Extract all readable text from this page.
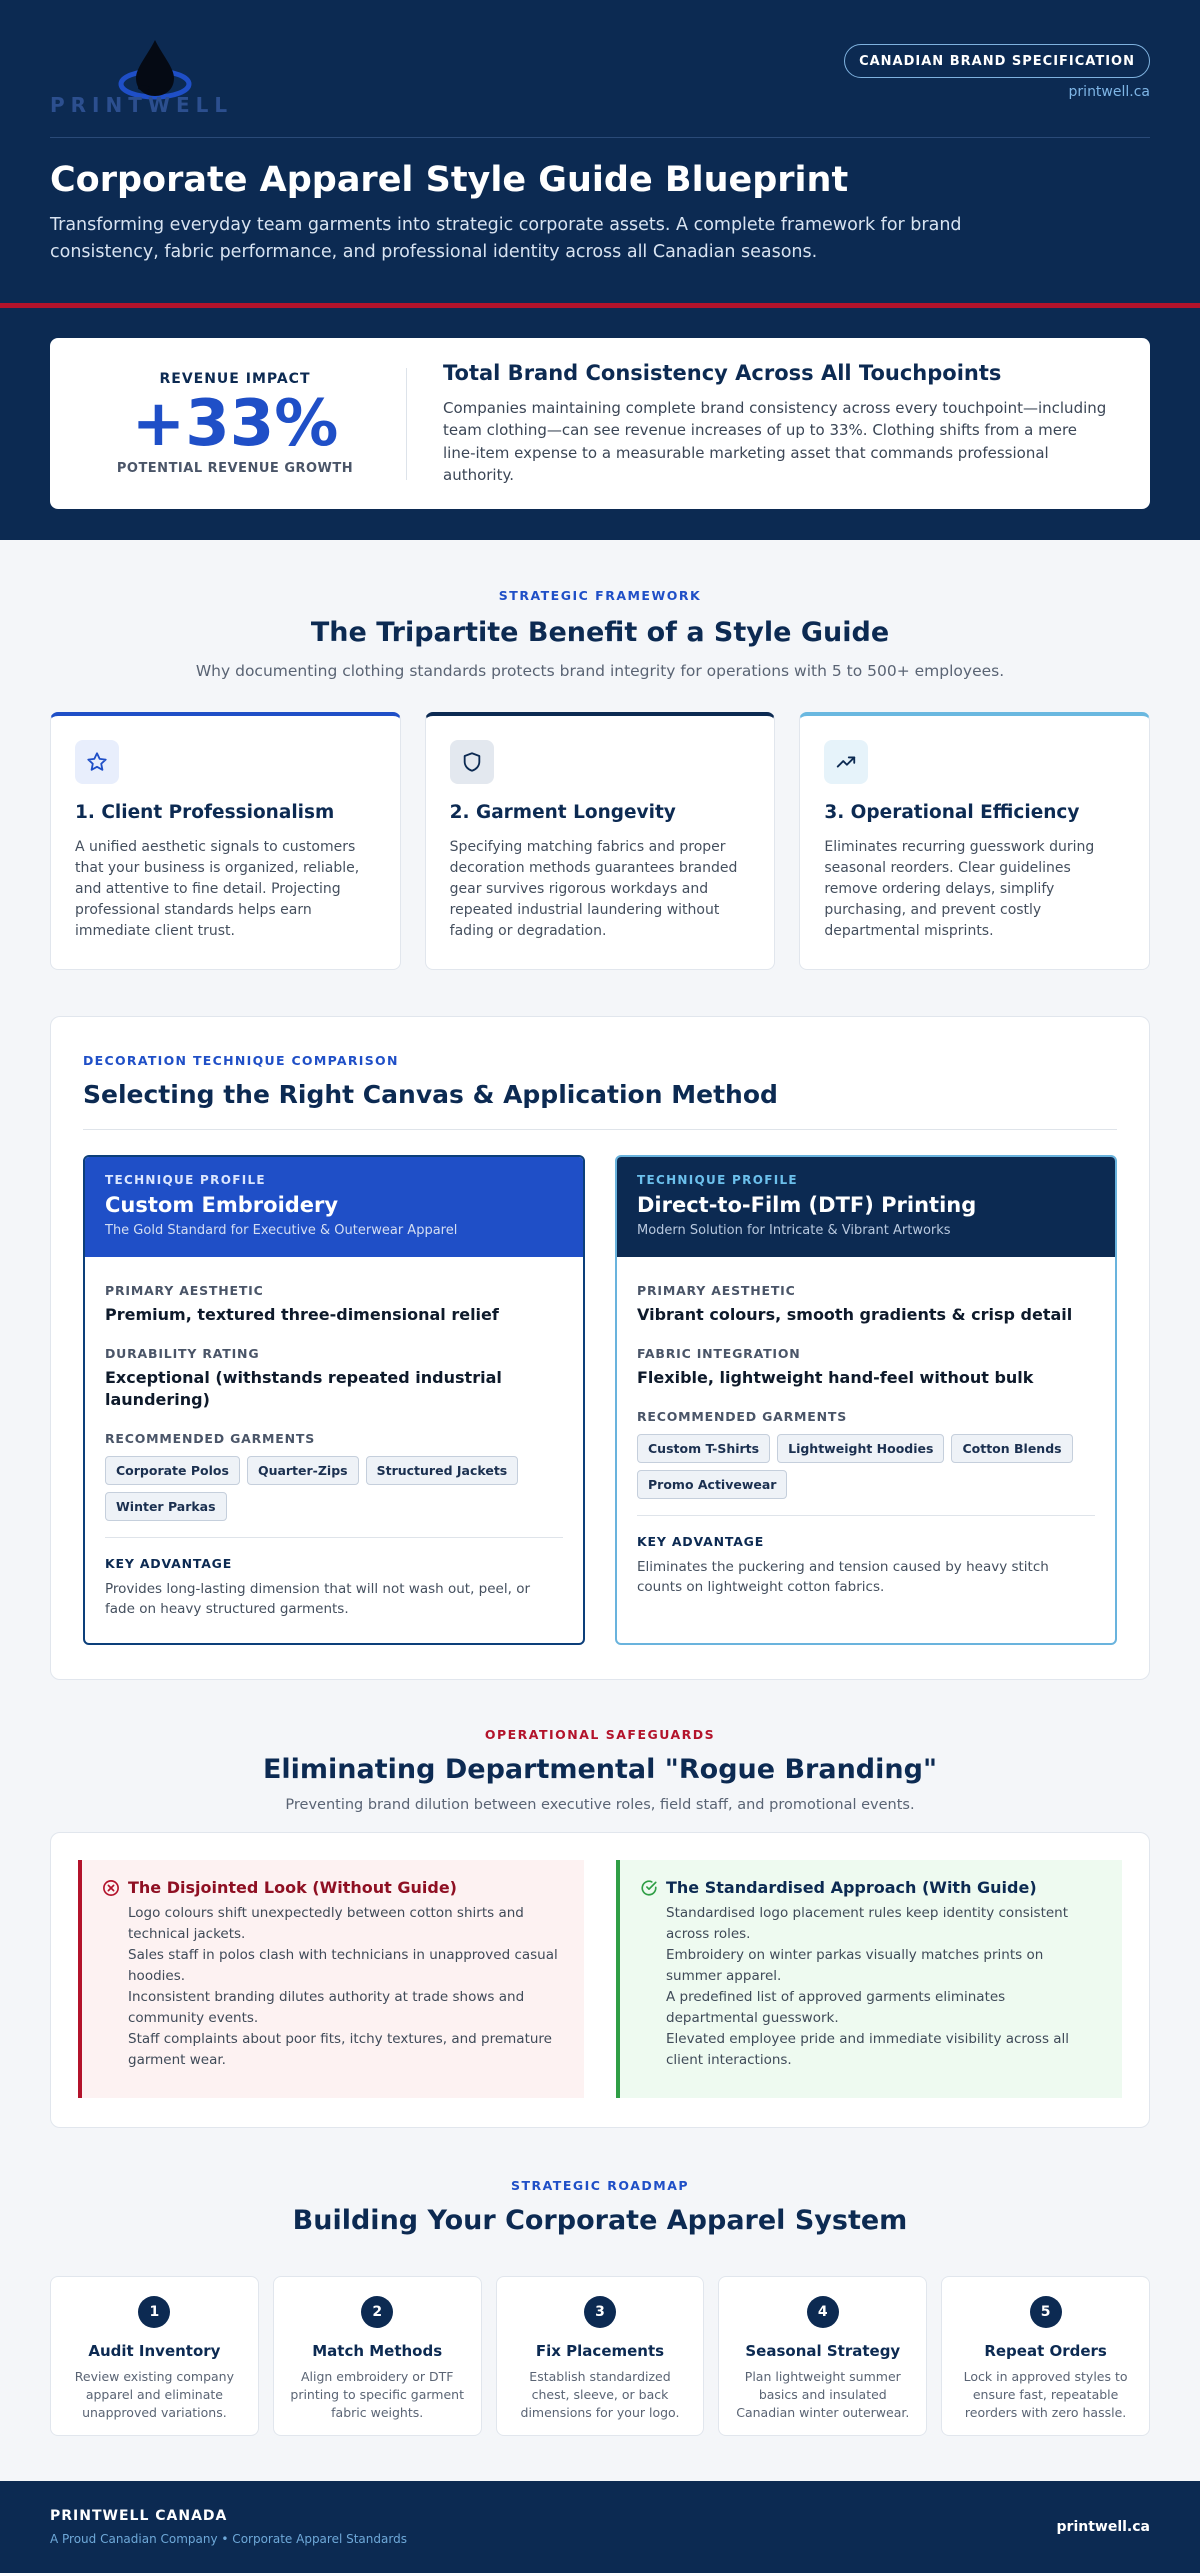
PRINTWELL
CANADIAN BRAND SPECIFICATION
printwell.ca
Corporate Apparel Style Guide Blueprint

Transforming everyday team garments into strategic corporate assets. A complete framework for brand consistency, fabric performance, and professional identity across all Canadian seasons.

REVENUE IMPACT
+33%
POTENTIAL REVENUE GROWTH
Total Brand Consistency Across All Touchpoints

Companies maintaining complete brand consistency across every touchpoint—including team clothing—can see revenue increases of up to 33%. Clothing shifts from a mere line-item expense to a measurable marketing asset that commands professional authority.

STRATEGIC FRAMEWORK
The Tripartite Benefit of a Style Guide

Why documenting clothing standards protects brand integrity for operations with 5 to 500+ employees.

1. Client Professionalism

A unified aesthetic signals to customers that your business is organized, reliable, and attentive to fine detail. Projecting professional standards helps earn immediate client trust.

2. Garment Longevity

Specifying matching fabrics and proper decoration methods guarantees branded gear survives rigorous workdays and repeated industrial laundering without fading or degradation.

3. Operational Efficiency

Eliminates recurring guesswork during seasonal reorders. Clear guidelines remove ordering delays, simplify purchasing, and prevent costly departmental misprints.

DECORATION TECHNIQUE COMPARISON
Selecting the Right Canvas & Application Method
TECHNIQUE PROFILE
Custom Embroidery
The Gold Standard for Executive & Outerwear Apparel
PRIMARY AESTHETIC
Premium, textured three-dimensional relief
DURABILITY RATING
Exceptional (withstands repeated industrial laundering)
RECOMMENDED GARMENTS
Corporate Polos	Quarter-Zips	Structured Jackets
Winter Parkas
KEY ADVANTAGE

Provides long-lasting dimension that will not wash out, peel, or fade on heavy structured garments.

TECHNIQUE PROFILE
Direct-to-Film (DTF) Printing
Modern Solution for Intricate & Vibrant Artworks
PRIMARY AESTHETIC
Vibrant colours, smooth gradients & crisp detail
FABRIC INTEGRATION
Flexible, lightweight hand-feel without bulk
RECOMMENDED GARMENTS
Custom T-Shirts	Lightweight Hoodies	Cotton Blends
Promo Activewear
KEY ADVANTAGE

Eliminates the puckering and tension caused by heavy stitch counts on lightweight cotton fabrics.

OPERATIONAL SAFEGUARDS
Eliminating Departmental "Rogue Branding"

Preventing brand dilution between executive roles, field staff, and promotional events.

The Disjointed Look (Without Guide)
Logo colours shift unexpectedly between cotton shirts and technical jackets.
Sales staff in polos clash with technicians in unapproved casual hoodies.
Inconsistent branding dilutes authority at trade shows and community events.
Staff complaints about poor fits, itchy textures, and premature garment wear.
The Standardised Approach (With Guide)
Standardised logo placement rules keep identity consistent across roles.
Embroidery on winter parkas visually matches prints on summer apparel.
A predefined list of approved garments eliminates departmental guesswork.
Elevated employee pride and immediate visibility across all client interactions.
STRATEGIC ROADMAP
Building Your Corporate Apparel System
1
Audit Inventory

Review existing company apparel and eliminate unapproved variations.

2
Match Methods

Align embroidery or DTF printing to specific garment fabric weights.

3
Fix Placements

Establish standardized chest, sleeve, or back dimensions for your logo.

4
Seasonal Strategy

Plan lightweight summer basics and insulated Canadian winter outerwear.

5
Repeat Orders

Lock in approved styles to ensure fast, repeatable reorders with zero hassle.

PRINTWELL CANADA
A Proud Canadian Company • Corporate Apparel Standards
printwell.ca
